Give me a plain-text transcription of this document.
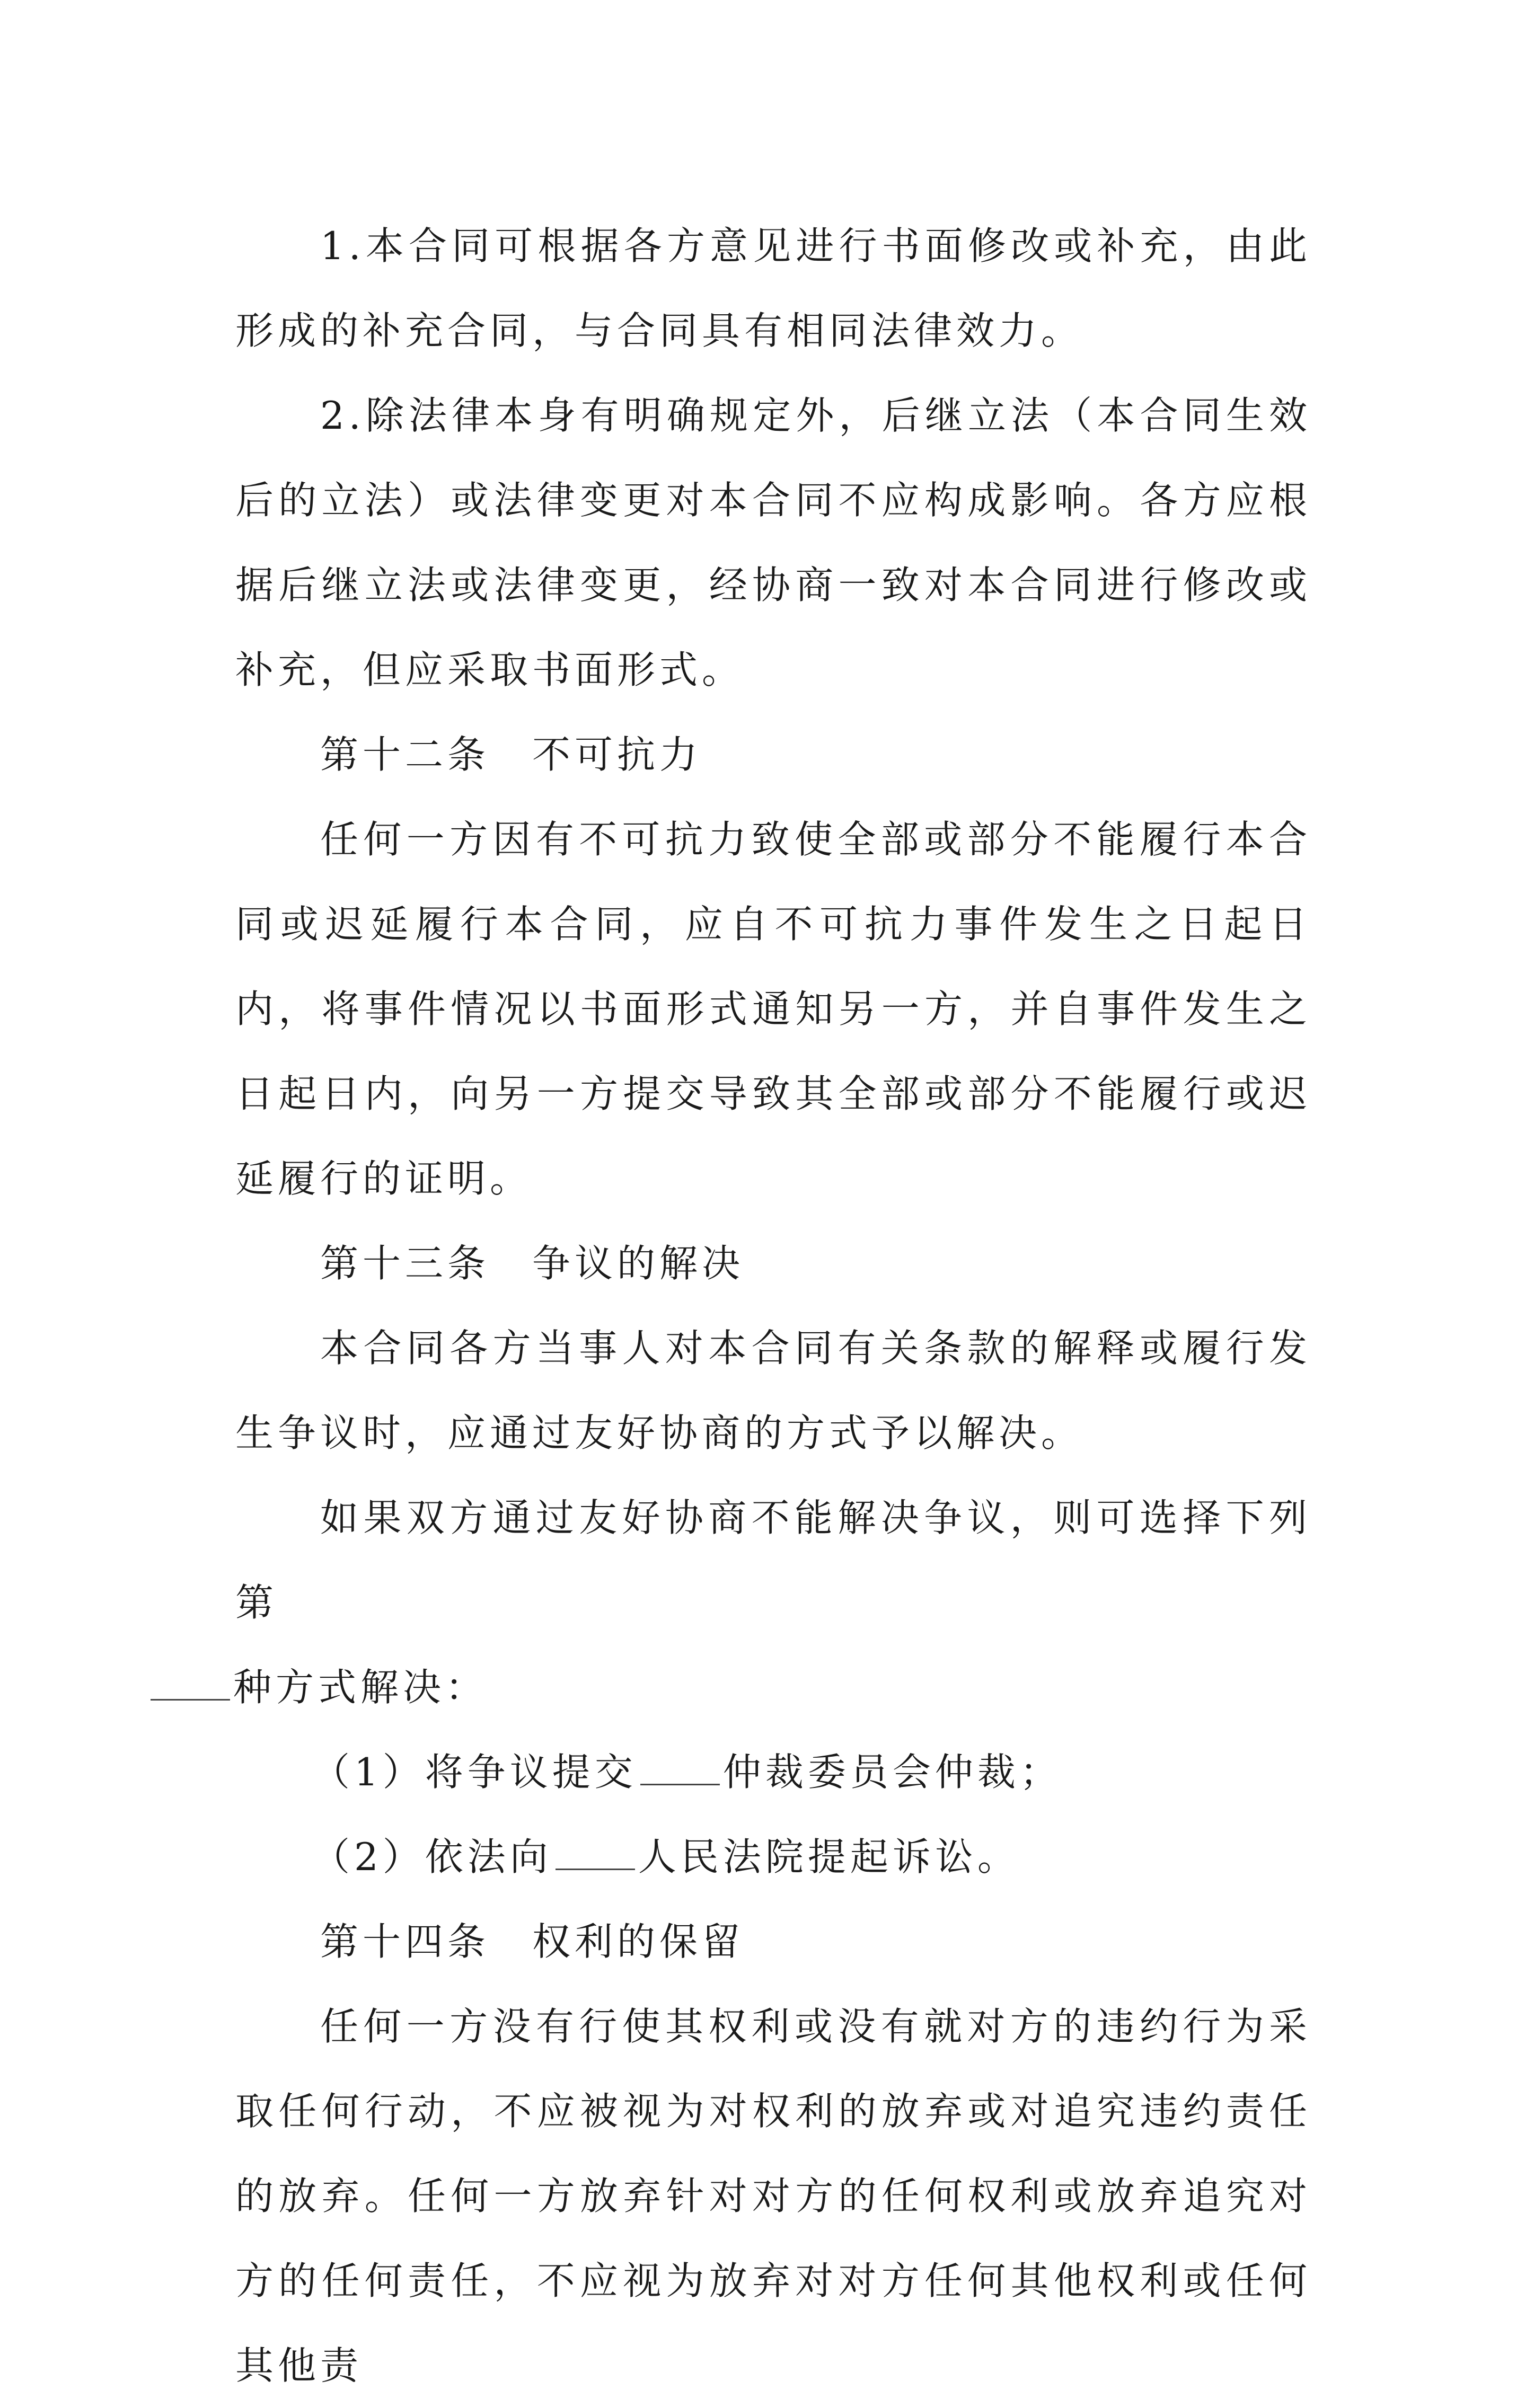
1.本合同可根据各方意见进行书面修改或补充，由此形成的补充合同，与合同具有相同法律效力。

2.除法律本身有明确规定外，后继立法（本合同生效后的立法）或法律变更对本合同不应构成影响。各方应根据后继立法或法律变更，经协商一致对本合同进行修改或补充，但应采取书面形式。

第十二条 不可抗力

任何一方因有不可抗力致使全部或部分不能履行本合同或迟延履行本合同，应自不可抗力事件发生之日起日内，将事件情况以书面形式通知另一方，并自事件发生之日起日内，向另一方提交导致其全部或部分不能履行或迟延履行的证明。

第十三条 争议的解决

本合同各方当事人对本合同有关条款的解释或履行发生争议时，应通过友好协商的方式予以解决。

如果双方通过友好协商不能解决争议，则可选择下列第
种方式解决：

（1）将争议提交 仲裁委员会仲裁；

（2）依法向 人民法院提起诉讼。

第十四条 权利的保留

任何一方没有行使其权利或没有就对方的违约行为采取任何行动，不应被视为对权利的放弃或对追究违约责任的放弃。任何一方放弃针对对方的任何权利或放弃追究对方的任何责任，不应视为放弃对对方任何其他权利或任何其他责
